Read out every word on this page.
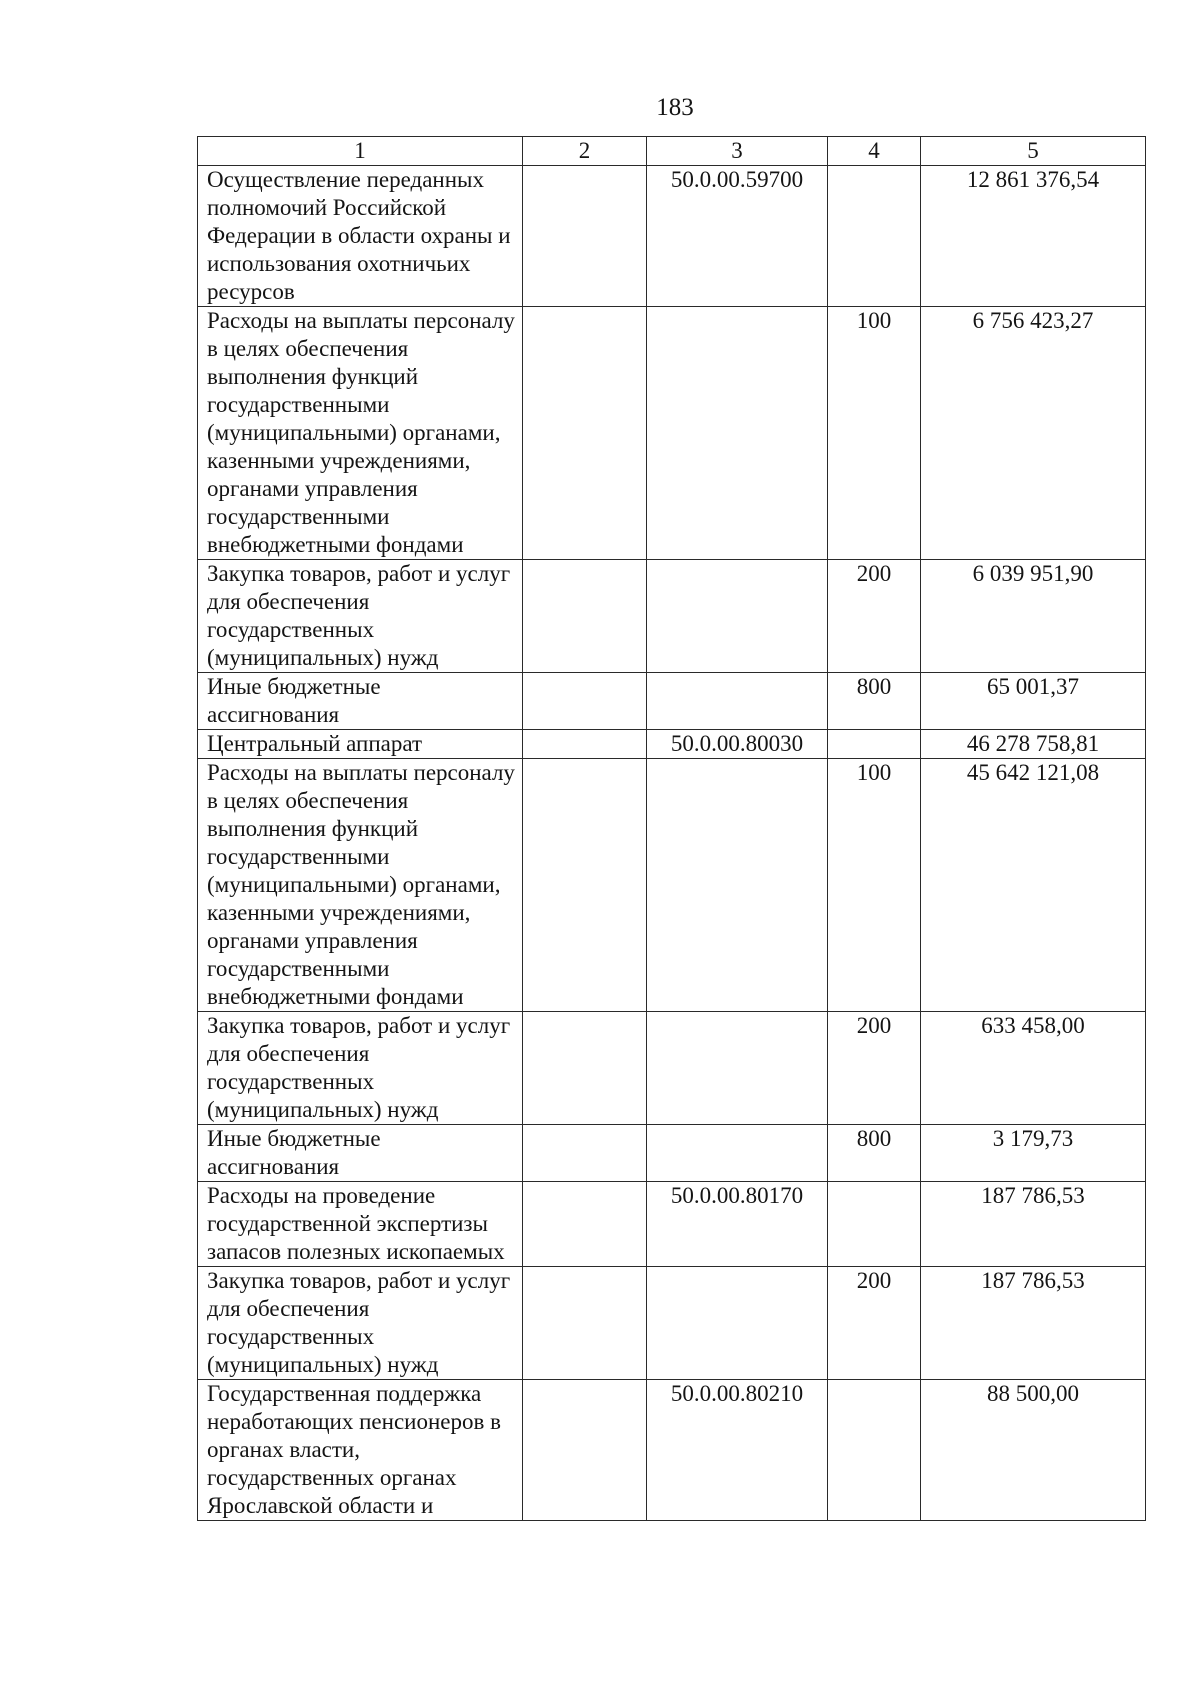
183
1	2	3	4	5
Осуществление переданных полномочий Российской Федерации в области охраны и использования охотничьих ресурсов		50.0.00.59700		12 861 376,54
Расходы на выплаты персоналу в целях обеспечения выполнения функций государственными (муниципальными) органами, казенными учреждениями, органами управления государственными внебюджетными фондами			100	6 756 423,27
Закупка товаров, работ и услуг для обеспечения государственных (муниципальных) нужд			200	6 039 951,90
Иные бюджетные ассигнования			800	65 001,37
Центральный аппарат		50.0.00.80030		46 278 758,81
Расходы на выплаты персоналу в целях обеспечения выполнения функций государственными (муниципальными) органами, казенными учреждениями, органами управления государственными внебюджетными фондами			100	45 642 121,08
Закупка товаров, работ и услуг для обеспечения государственных (муниципальных) нужд			200	633 458,00
Иные бюджетные ассигнования			800	3 179,73
Расходы на проведение государственной экспертизы запасов полезных ископаемых		50.0.00.80170		187 786,53
Закупка товаров, работ и услуг для обеспечения государственных (муниципальных) нужд			200	187 786,53
Государственная поддержка неработающих пенсионеров в органах власти, государственных органах Ярославской области и		50.0.00.80210		88 500,00
